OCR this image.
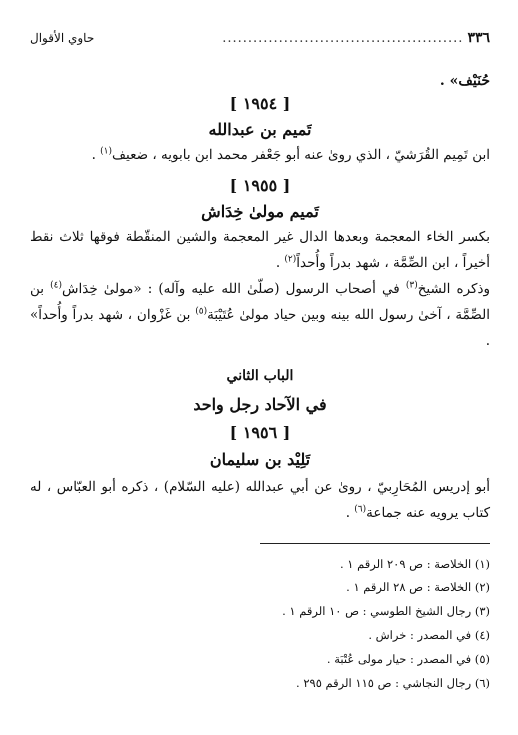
٣٣٦
...............................................
حاوي الأقوال
حُنَيْف» .
[ ١٩٥٤ ]
تَميم بن عبدالله
ابن تَمِيم القُرَشيّ ، الذي روىٰ عنه أبو جَعْفر محمد ابن بابويه ، ضعيف$^{(١)}$ .
[ ١٩٥٥ ]
تَميم مولىٰ خِدَاش

بكسر الخاء المعجمة وبعدها الدال غير المعجمة والشين المنقّطة فوقها ثلاث نقط أخيراً ، ابن الصِّمَّة ، شهد بدراً وأُحداً$^{(٢)}$ .

وذكره الشيخ$^{(٣)}$ في أصحاب الرسول (صلّىٰ الله عليه وآله) : «مولىٰ خِدَاش$^{(٤)}$ بن الصِّمَّة ، آخىٰ رسول الله بينه وبين حياد مولىٰ عُتَيْبَة$^{(٥)}$ بن غَزْوان ، شهد بدراً وأُحداً» .

الباب الثاني
في الآحاد رجل واحد
[ ١٩٥٦ ]
تَلِيْد بن سليمان
أبو إدريس المُحَارِبيّ ، روىٰ عن أبي عبدالله (عليه السّلام) ، ذكره أبو العبّاس ، له كتاب يرويه عنه جماعة$^{(٦)}$ .
(١) الخلاصة : ص ٢٠٩ الرقم ١ .
(٢) الخلاصة : ص ٢٨ الرقم ١ .
(٣) رجال الشيخ الطوسي : ص ١٠ الرقم ١ .
(٤) في المصدر : خراش .
(٥) في المصدر : حيار مولى عُتْبَة .
(٦) رجال النجاشي : ص ١١٥ الرقم ٢٩٥ .
